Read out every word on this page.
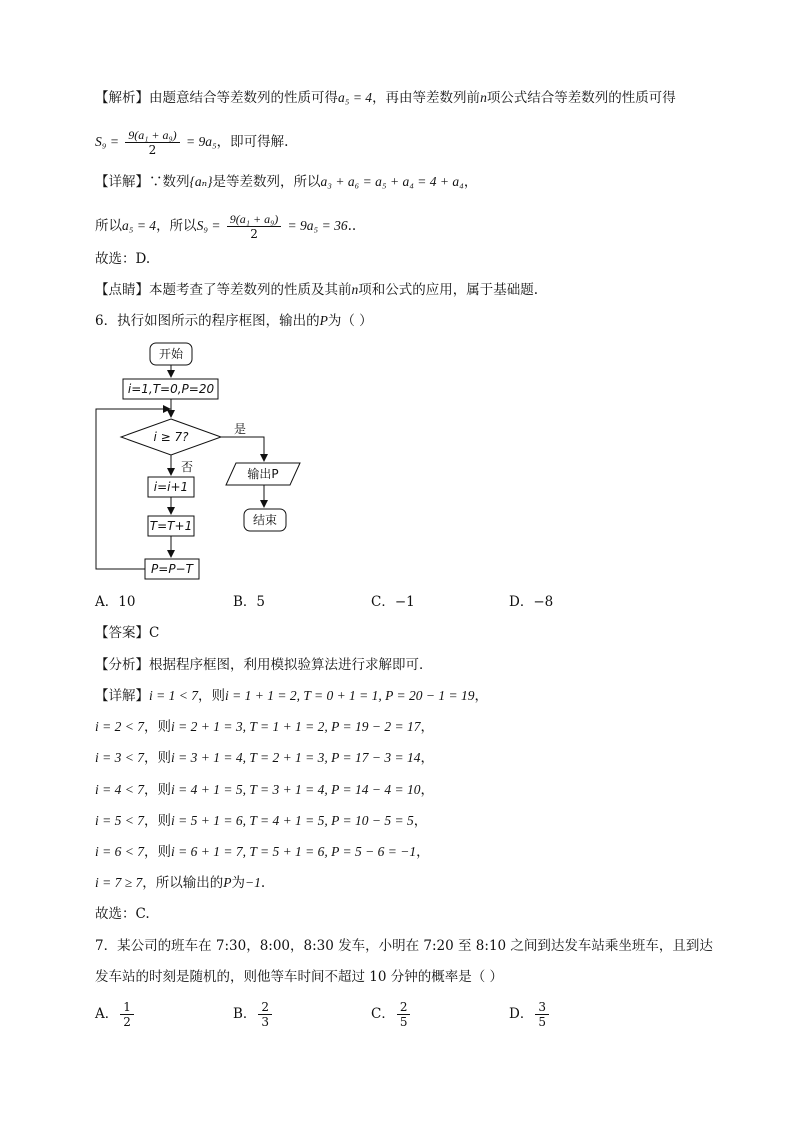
【解析】由题意结合等差数列的性质可得a₅ = 4，再由等差数列前n项公式结合等差数列的性质可得
$S_9 = \frac{\text{9(a₁ + a₉)}}{2} = 9a_5$，即可得解.
【详解】∵数列{aₙ}是等差数列，所以a₃ + a₆ = a₅ + a₄ = 4 + a₄，
所以a₅ = 4，所以$S_9 = \frac{\text{9(a₁ + a₉)}}{2} = 9a_5 = 36$..
故选：D.
【点睛】本题考查了等差数列的性质及其前n项和公式的应用，属于基础题.
6．执行如图所示的程序框图，输出的P为（ ）
开始
i=1,T=0,P=20
i ≥ 7?
是
否	输出P
结束
i=i+1
T=T+1
P=P−T
A．10	B．5	C．−1	D．−8
【答案】C
【分析】根据程序框图，利用模拟验算法进行求解即可．
【详解】i = 1 < 7，则i = 1 + 1 = 2, T = 0 + 1 = 1, P = 20 − 1 = 19，
i = 2 < 7，则i = 2 + 1 = 3, T = 1 + 1 = 2, P = 19 − 2 = 17，
i = 3 < 7，则i = 3 + 1 = 4, T = 2 + 1 = 3, P = 17 − 3 = 14，
i = 4 < 7，则i = 4 + 1 = 5, T = 3 + 1 = 4, P = 14 − 4 = 10，
i = 5 < 7，则i = 5 + 1 = 6, T = 4 + 1 = 5, P = 10 − 5 = 5，
i = 6 < 7，则i = 6 + 1 = 7, T = 5 + 1 = 6, P = 5 − 6 = −1，
i = 7 ≥ 7，所以输出的P为−1.
故选：C.
7．某公司的班车在 7:30，8:00，8:30 发车，小明在 7:20 至 8:10 之间到达发车站乘坐班车，且到达
发车站的时刻是随机的，则他等车时间不超过 10 分钟的概率是（ ）
A． $\frac{1}{2}$	B． $\frac{2}{3}$	C． $\frac{2}{5}$	D． $\frac{3}{5}$
